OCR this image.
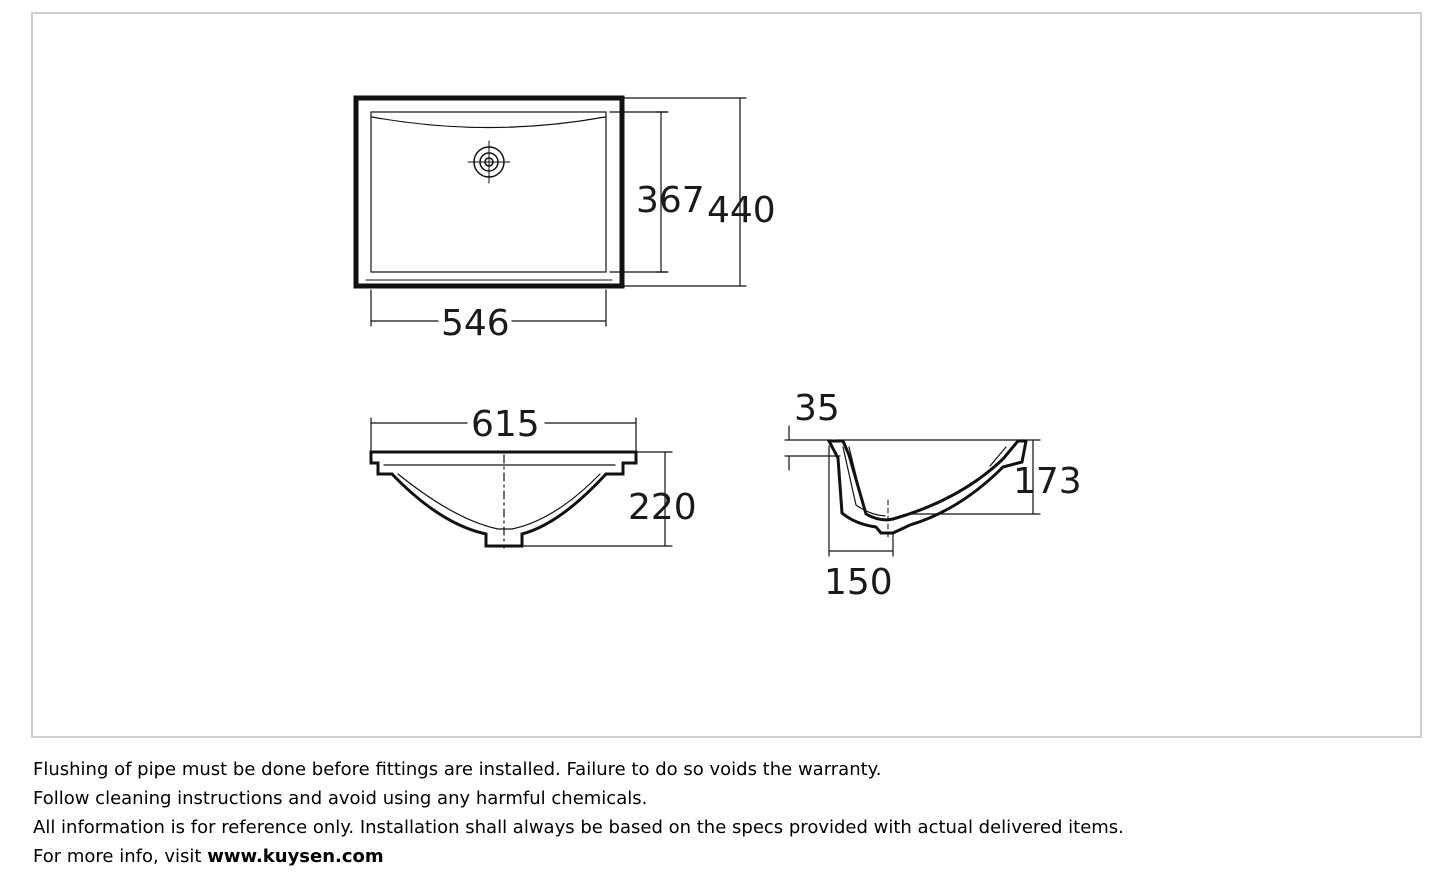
367 440
546
615
220
35
173
150

Flushing of pipe must be done before fittings are installed. Failure to do so voids the warranty.

Follow cleaning instructions and avoid using any harmful chemicals.

All information is for reference only. Installation shall always be based on the specs provided with actual delivered items.

For more info, visit www.kuysen.com
